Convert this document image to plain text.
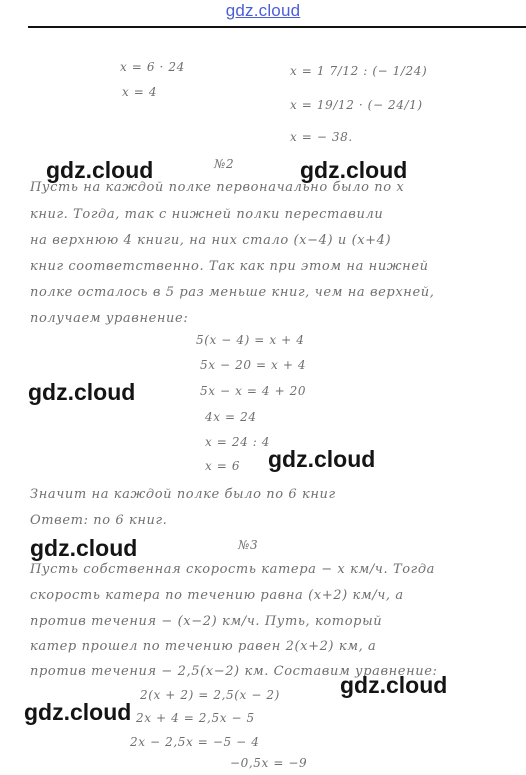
gdz.cloud
x = 6 · 24
x = 4
x = 1 7/12 : (− 1/24)
x = 19/12 · (− 24/1)
x = − 38.
№2
Пусть на каждой полке первоначально было по x
книг. Тогда, так с нижней полки переставили
на верхнюю 4 книги, на них стало (x−4) и (x+4)
книг соответственно. Так как при этом на нижней
полке осталось в 5 раз меньше книг, чем на верхней,
получаем уравнение:
5(x − 4) = x + 4
5x − 20 = x + 4
5x − x = 4 + 20
4x = 24
x = 24 : 4
x = 6
Значит на каждой полке было по 6 книг
Ответ: по 6 книг.
№3
Пусть собственная скорость катера − x км/ч. Тогда
скорость катера по течению равна (x+2) км/ч, а
против течения − (x−2) км/ч. Путь, который
катер прошел по течению равен 2(x+2) км, а
против течения − 2,5(x−2) км. Составим уравнение:
2(x + 2) = 2,5(x − 2)
2x + 4 = 2,5x − 5
2x − 2,5x = −5 − 4
−0,5x = −9
gdz.cloud	gdz.cloud
gdz.cloud
gdz.cloud
gdz.cloud
gdz.cloud
gdz.cloud
